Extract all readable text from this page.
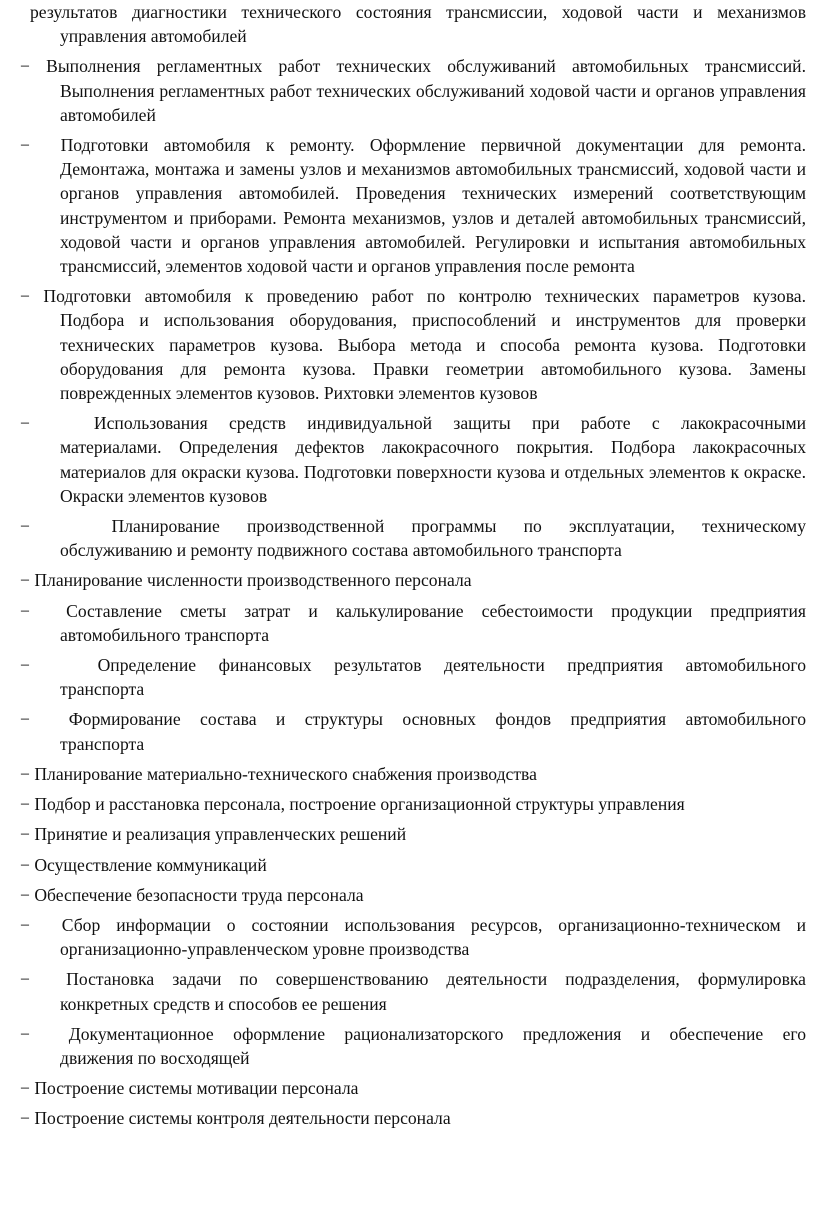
результатов диагностики технического состояния трансмиссии, ходовой части и механизмов
управления автомобилей
− Выполнения регламентных работ технических обслуживаний автомобильных трансмиссий.
Выполнения регламентных работ технических обслуживаний ходовой части и органов управления автомобилей
− Подготовки автомобиля к ремонту. Оформление первичной документации для ремонта.
Демонтажа, монтажа и замены узлов и механизмов автомобильных трансмиссий, ходовой части и органов управления автомобилей. Проведения технических измерений соответствующим инструментом и приборами. Ремонта механизмов, узлов и деталей автомобильных трансмиссий, ходовой части и органов управления автомобилей. Регулировки и испытания автомобильных трансмиссий, элементов ходовой части и органов управления после ремонта
− Подготовки автомобиля к проведению работ по контролю технических параметров кузова.
Подбора и использования оборудования, приспособлений и инструментов для проверки технических параметров кузова. Выбора метода и способа ремонта кузова. Подготовки оборудования для ремонта кузова. Правки геометрии автомобильного кузова. Замены поврежденных элементов кузовов. Рихтовки элементов кузовов
−	Использования средств индивидуальной защиты при работе с лакокрасочными
материалами. Определения дефектов лакокрасочного покрытия. Подбора лакокрасочных материалов для окраски кузова. Подготовки поверхности кузова и отдельных элементов к окраске. Окраски элементов кузовов
−	Планирование производственной программы по эксплуатации, техническому
обслуживанию и ремонту подвижного состава автомобильного транспорта
− Планирование численности производственного персонала
− Составление сметы затрат и калькулирование себестоимости продукции предприятия
автомобильного транспорта
−	Определение финансовых результатов деятельности предприятия автомобильного
транспорта
− Формирование состава и структуры основных фондов предприятия автомобильного
транспорта
− Планирование материально-технического снабжения производства
− Подбор и расстановка персонала, построение организационной структуры управления
− Принятие и реализация управленческих решений
− Осуществление коммуникаций
− Обеспечение безопасности труда персонала
− Сбор информации о состоянии использования ресурсов, организационно-техническом и
организационно-управленческом уровне производства
− Постановка задачи по совершенствованию деятельности подразделения, формулировка
конкретных средств и способов ее решения
− Документационное оформление рационализаторского предложения и обеспечение его
движения по восходящей
− Построение системы мотивации персонала
− Построение системы контроля деятельности персонала
